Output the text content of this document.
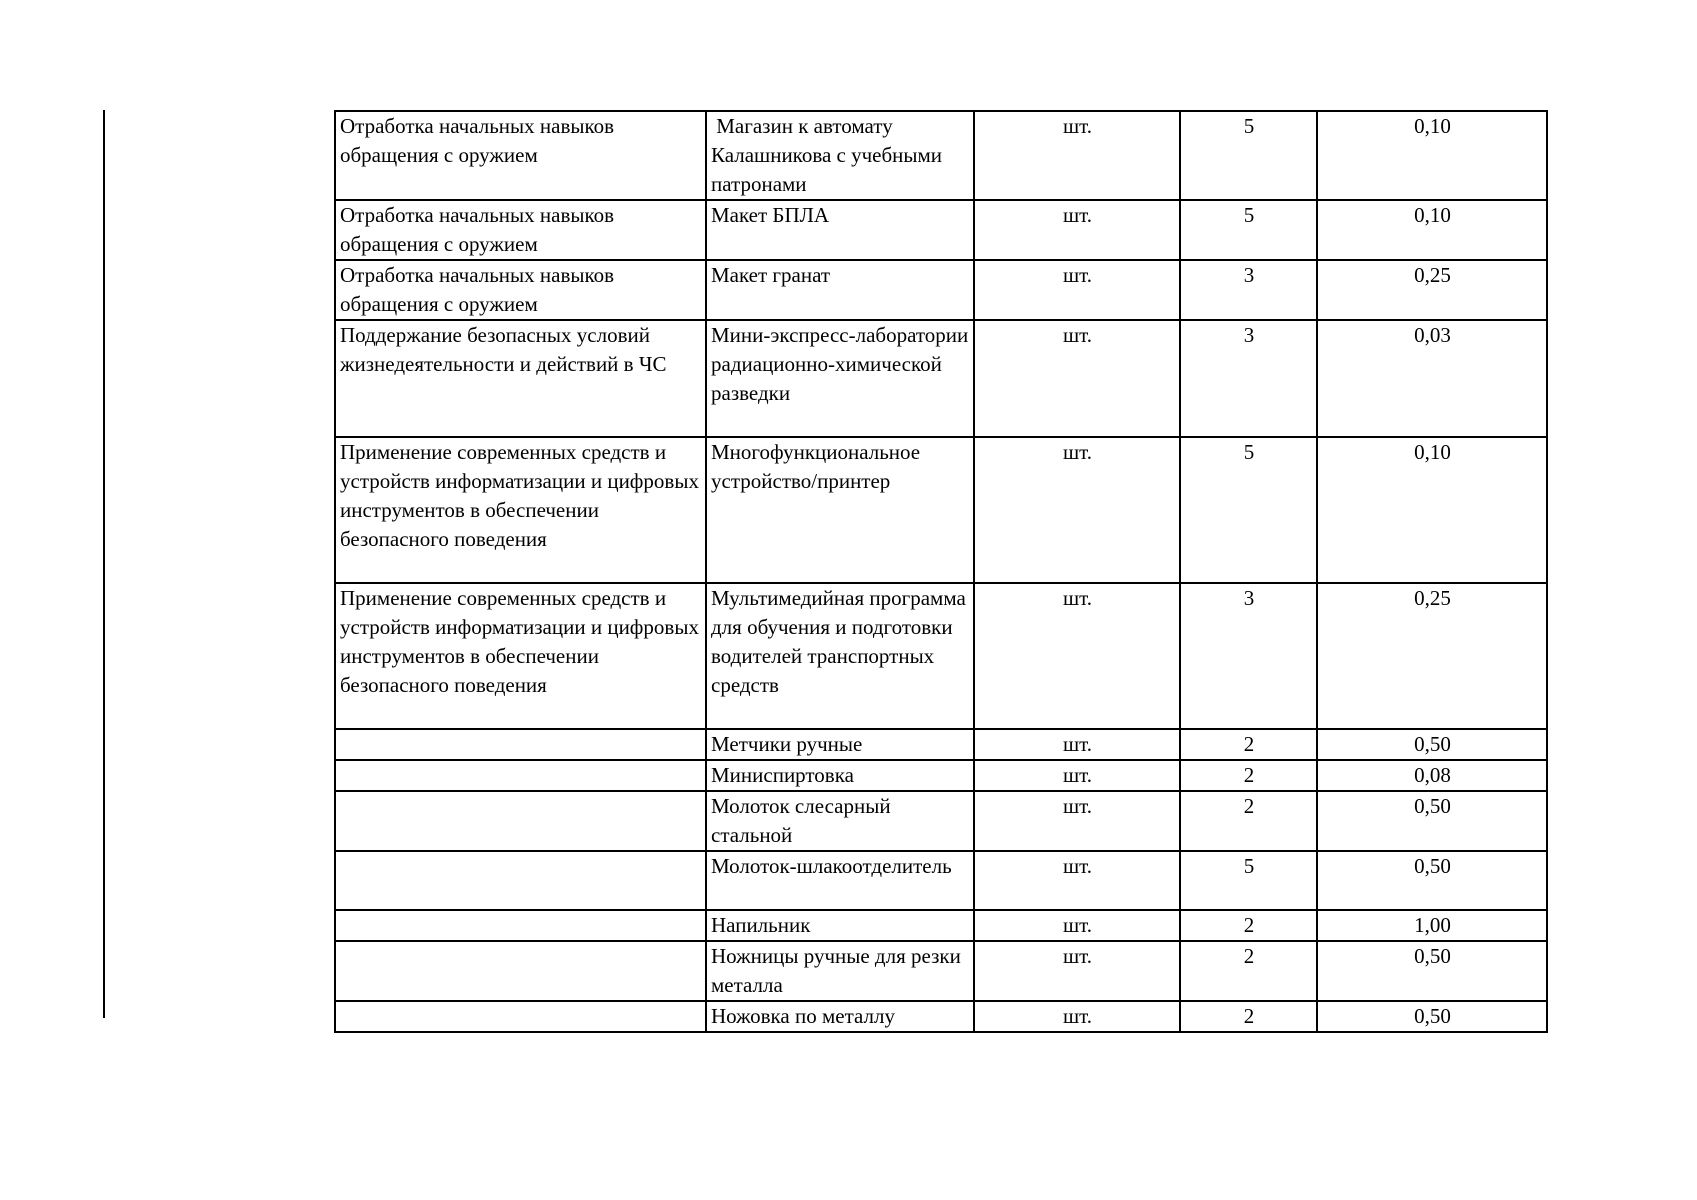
Отработка начальных навыков обращения с оружием	Магазин к автомату Калашникова с учебными патронами	шт.	5	0,10
Отработка начальных навыков обращения с оружием	Макет БПЛА	шт.	5	0,10
Отработка начальных навыков обращения с оружием	Макет гранат	шт.	3	0,25
Поддержание безопасных условий жизнедеятельности и действий в ЧС	Мини-экспресс-лаборатории радиационно-химической разведки	шт.	3	0,03
Применение современных средств и устройств информатизации и цифровых инструментов в обеспечении безопасного поведения	Многофункциональное устройство/принтер	шт.	5	0,10
Применение современных средств и устройств информатизации и цифровых инструментов в обеспечении безопасного поведения	Мультимедийная программа для обучения и подготовки водителей транспортных средств	шт.	3	0,25
	Метчики ручные	шт.	2	0,50
	Миниспиртовка	шт.	2	0,08
	Молоток слесарный стальной	шт.	2	0,50
	Молоток-шлакоотделитель	шт.	5	0,50
	Напильник	шт.	2	1,00
	Ножницы ручные для резки металла	шт.	2	0,50
	Ножовка по металлу	шт.	2	0,50
